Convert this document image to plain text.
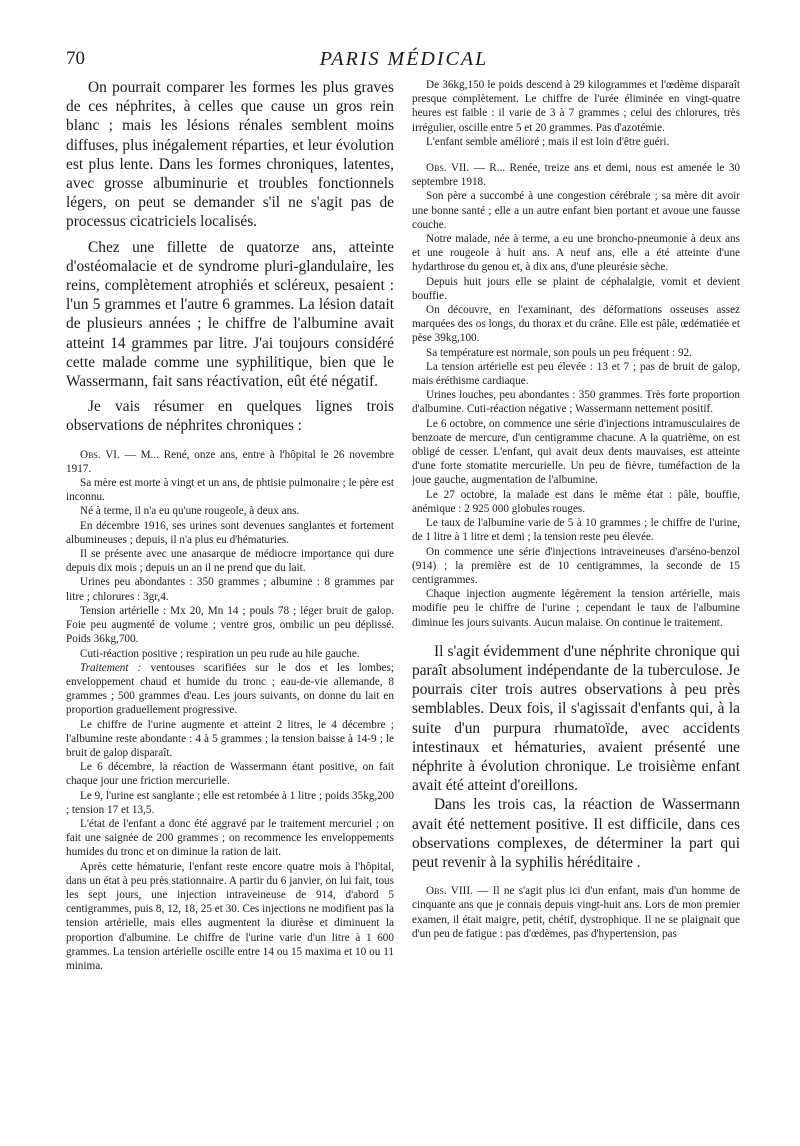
70	PARIS MÉDICAL

On pourrait comparer les formes les plus graves de ces néphrites, à celles que cause un gros rein blanc ; mais les lésions rénales semblent moins diffuses, plus inégalement réparties, et leur évolution est plus lente. Dans les formes chroniques, latentes, avec grosse albuminurie et troubles fonctionnels légers, on peut se demander s'il ne s'agit pas de processus cicatriciels localisés.

Chez une fillette de quatorze ans, atteinte d'ostéomalacie et de syndrome pluri-glandulaire, les reins, complètement atrophiés et scléreux, pesaient : l'un 5 grammes et l'autre 6 grammes. La lésion datait de plusieurs années ; le chiffre de l'albumine avait atteint 14 grammes par litre. J'ai toujours considéré cette malade comme une syphilitique, bien que le Wassermann, fait sans réactivation, eût été négatif.

Je vais résumer en quelques lignes trois observations de néphrites chroniques :

Obs. VI. — M... René, onze ans, entre à l'hôpital le 26 novembre 1917.

Sa mère est morte à vingt et un ans, de phtisie pulmonaire ; le père est inconnu.

Né à terme, il n'a eu qu'une rougeole, à deux ans.

En décembre 1916, ses urines sont devenues sanglantes et fortement albumineuses ; depuis, il n'a plus eu d'hématuries.

Il se présente avec une anasarque de médiocre importance qui dure depuis dix mois ; depuis un an il ne prend que du lait.

Urines peu abondantes : 350 grammes ; albumine : 8 grammes par litre ; chlorures : 3gr,4.

Tension artérielle : Mx 20, Mn 14 ; pouls 78 ; léger bruit de galop. Foie peu augmenté de volume ; ventre gros, ombilic un peu déplissé. Poids 36kg,700.

Cuti-réaction positive ; respiration un peu rude au hile gauche.

Traitement : ventouses scarifiées sur le dos et les lombes; enveloppement chaud et humide du tronc ; eau-de-vie allemande, 8 grammes ; 500 grammes d'eau. Les jours suivants, on donne du lait en proportion graduellement progressive.

Le chiffre de l'urine augmente et atteint 2 litres, le 4 décembre ; l'albumine reste abondante : 4 à 5 grammes ; la tension baisse à 14-9 ; le bruit de galop disparaît.

Le 6 décembre, la réaction de Wassermann étant positive, on fait chaque jour une friction mercurielle.

Le 9, l'urine est sanglante ; elle est retombée à 1 litre ; poids 35kg,200 ; tension 17 et 13,5.

L'état de l'enfant a donc été aggravé par le traitement mercuriel ; on fait une saignée de 200 grammes ; on recommence les enveloppements humides du tronc et on diminue la ration de lait.

Après cette hématurie, l'enfant reste encore quatre mois à l'hôpital, dans un état à peu près stationnaire. A partir du 6 janvier, on lui fait, tous les sept jours, une injection intraveineuse de 914, d'abord 5 centigrammes, puis 8, 12, 18, 25 et 30. Ces injections ne modifient pas la tension artérielle, mais elles augmentent la diurèse et diminuent la proportion d'albumine. Le chiffre de l'urine varie d'un litre à 1 600 grammes. La tension artérielle oscille entre 14 ou 15 maxima et 10 ou 11 minima.

De 36kg,150 le poids descend à 29 kilogrammes et l'œdème disparaît presque complètement. Le chiffre de l'urée éliminée en vingt-quatre heures est faible : il varie de 3 à 7 grammes ; celui des chlorures, très irrégulier, oscille entre 5 et 20 grammes. Pas d'azotémie.

L'enfant semble amélioré ; mais il est loin d'être guéri.

Obs. VII. — R... Renée, treize ans et demi, nous est amenée le 30 septembre 1918.

Son père a succombé à une congestion cérébrale ; sa mère dit avoir une bonne santé ; elle a un autre enfant bien portant et avoue une fausse couche.

Notre malade, née à terme, a eu une broncho-pneumonie à deux ans et une rougeole à huit ans. A neuf ans, elle a été atteinte d'une hydarthrose du genou et, à dix ans, d'une pleurésie sèche.

Depuis huit jours elle se plaint de céphalalgie, vomit et devient bouffie.

On découvre, en l'examinant, des déformations osseuses assez marquées des os longs, du thorax et du crâne. Elle est pâle, œdématiée et pèse 39kg,100.

Sa température est normale, son pouls un peu fréquent : 92.

La tension artérielle est peu élevée : 13 et 7 ; pas de bruit de galop, mais éréthisme cardiaque.

Urines louches, peu abondantes : 350 grammes. Très forte proportion d'albumine. Cuti-réaction négative ; Wassermann nettement positif.

Le 6 octobre, on commence une série d'injections intramusculaires de benzoate de mercure, d'un centigramme chacune. A la quatrième, on est obligé de cesser. L'enfant, qui avait deux dents mauvaises, est atteinte d'une forte stomatite mercurielle. Un peu de fièvre, tuméfaction de la joue gauche, augmentation de l'albumine.

Le 27 octobre, la malade est dans le même état : pâle, bouffie, anémique : 2 925 000 globules rouges.

Le taux de l'albumine varie de 5 à 10 grammes ; le chiffre de l'urine, de 1 litre à 1 litre et demi ; la tension reste peu élevée.

On commence une série d'injections intraveineuses d'arséno-benzol (914) ; la première est de 10 centigrammes, la seconde de 15 centigrammes.

Chaque injection augmente légèrement la tension artérielle, mais modifie peu le chiffre de l'urine ; cependant le taux de l'albumine diminue les jours suivants. Aucun malaise. On continue le traitement.

Il s'agit évidemment d'une néphrite chronique qui paraît absolument indépendante de la tuberculose. Je pourrais citer trois autres observations à peu près semblables. Deux fois, il s'agissait d'enfants qui, à la suite d'un purpura rhumatoïde, avec accidents intestinaux et hématuries, avaient présenté une néphrite à évolution chronique. Le troisième enfant avait été atteint d'oreillons.

Dans les trois cas, la réaction de Wassermann avait été nettement positive. Il est difficile, dans ces observations complexes, de déterminer la part qui peut revenir à la syphilis héréditaire .

Obs. VIII. — Il ne s'agit plus ici d'un enfant, mais d'un homme de cinquante ans que je connais depuis vingt-huit ans. Lors de mon premier examen, il était maigre, petit, chétif, dystrophique. Il ne se plaignait que d'un peu de fatigue : pas d'œdèmes, pas d'hypertension, pas
